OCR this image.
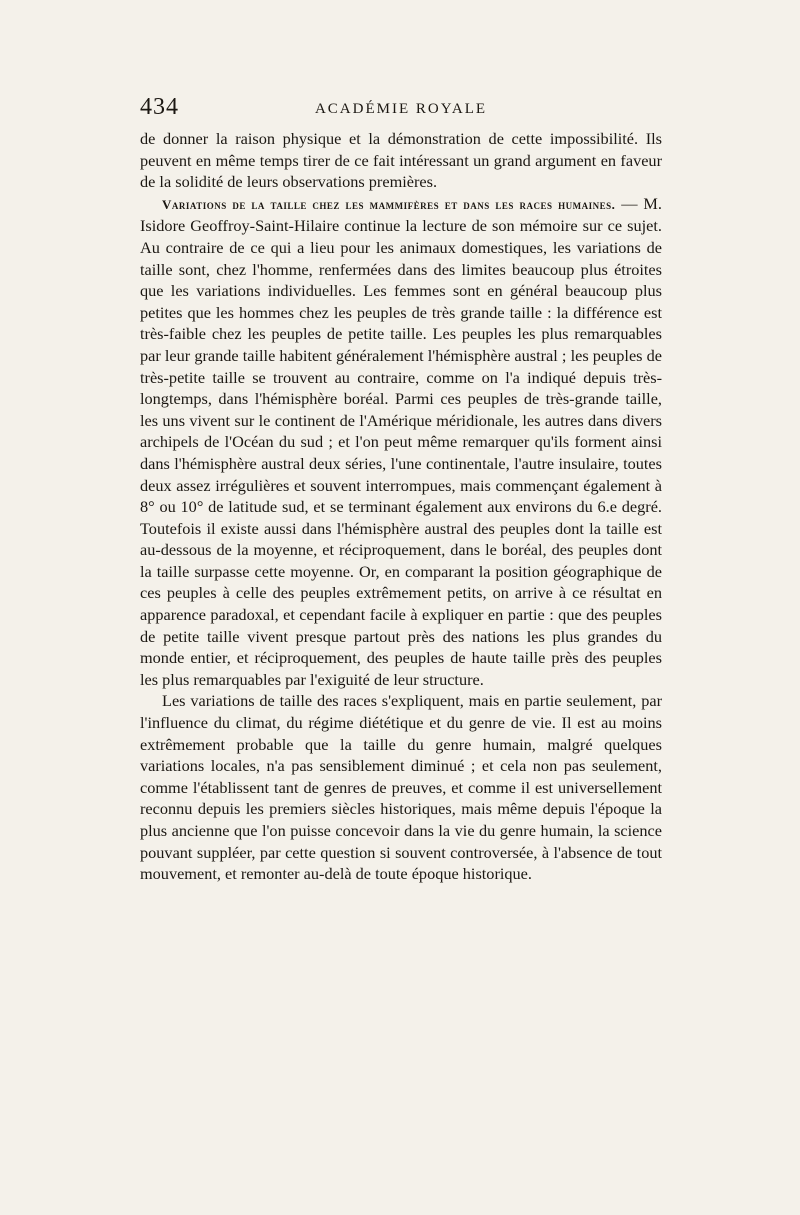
434	ACADÉMIE ROYALE

de donner la raison physique et la démonstration de cette impossibilité. Ils peuvent en même temps tirer de ce fait intéressant un grand argument en faveur de la solidité de leurs observations premières.

Variations de la taille chez les mammifères et dans les races humaines. — M. Isidore Geoffroy-Saint-Hilaire continue la lecture de son mémoire sur ce sujet. Au contraire de ce qui a lieu pour les animaux domestiques, les variations de taille sont, chez l'homme, renfermées dans des limites beaucoup plus étroites que les variations individuelles. Les femmes sont en général beaucoup plus petites que les hommes chez les peuples de très grande taille : la différence est très-faible chez les peuples de petite taille. Les peuples les plus remarquables par leur grande taille habitent généralement l'hémisphère austral ; les peuples de très-petite taille se trouvent au contraire, comme on l'a indiqué depuis très-longtemps, dans l'hémisphère boréal. Parmi ces peuples de très-grande taille, les uns vivent sur le continent de l'Amérique méridionale, les autres dans divers archipels de l'Océan du sud ; et l'on peut même remarquer qu'ils forment ainsi dans l'hémisphère austral deux séries, l'une continentale, l'autre insulaire, toutes deux assez irrégulières et souvent interrompues, mais commençant également à 8° ou 10° de latitude sud, et se terminant également aux environs du 6.e degré. Toutefois il existe aussi dans l'hémisphère austral des peuples dont la taille est au-dessous de la moyenne, et réciproquement, dans le boréal, des peuples dont la taille surpasse cette moyenne. Or, en comparant la position géographique de ces peuples à celle des peuples extrêmement petits, on arrive à ce résultat en apparence paradoxal, et cependant facile à expliquer en partie : que des peuples de petite taille vivent presque partout près des nations les plus grandes du monde entier, et réciproquement, des peuples de haute taille près des peuples les plus remarquables par l'exiguité de leur structure.

Les variations de taille des races s'expliquent, mais en partie seulement, par l'influence du climat, du régime diététique et du genre de vie. Il est au moins extrêmement probable que la taille du genre humain, malgré quelques variations locales, n'a pas sensiblement diminué ; et cela non pas seulement, comme l'établissent tant de genres de preuves, et comme il est universellement reconnu depuis les premiers siècles historiques, mais même depuis l'époque la plus ancienne que l'on puisse concevoir dans la vie du genre humain, la science pouvant suppléer, par cette question si souvent controversée, à l'absence de tout mouvement, et remonter au-delà de toute époque historique.
